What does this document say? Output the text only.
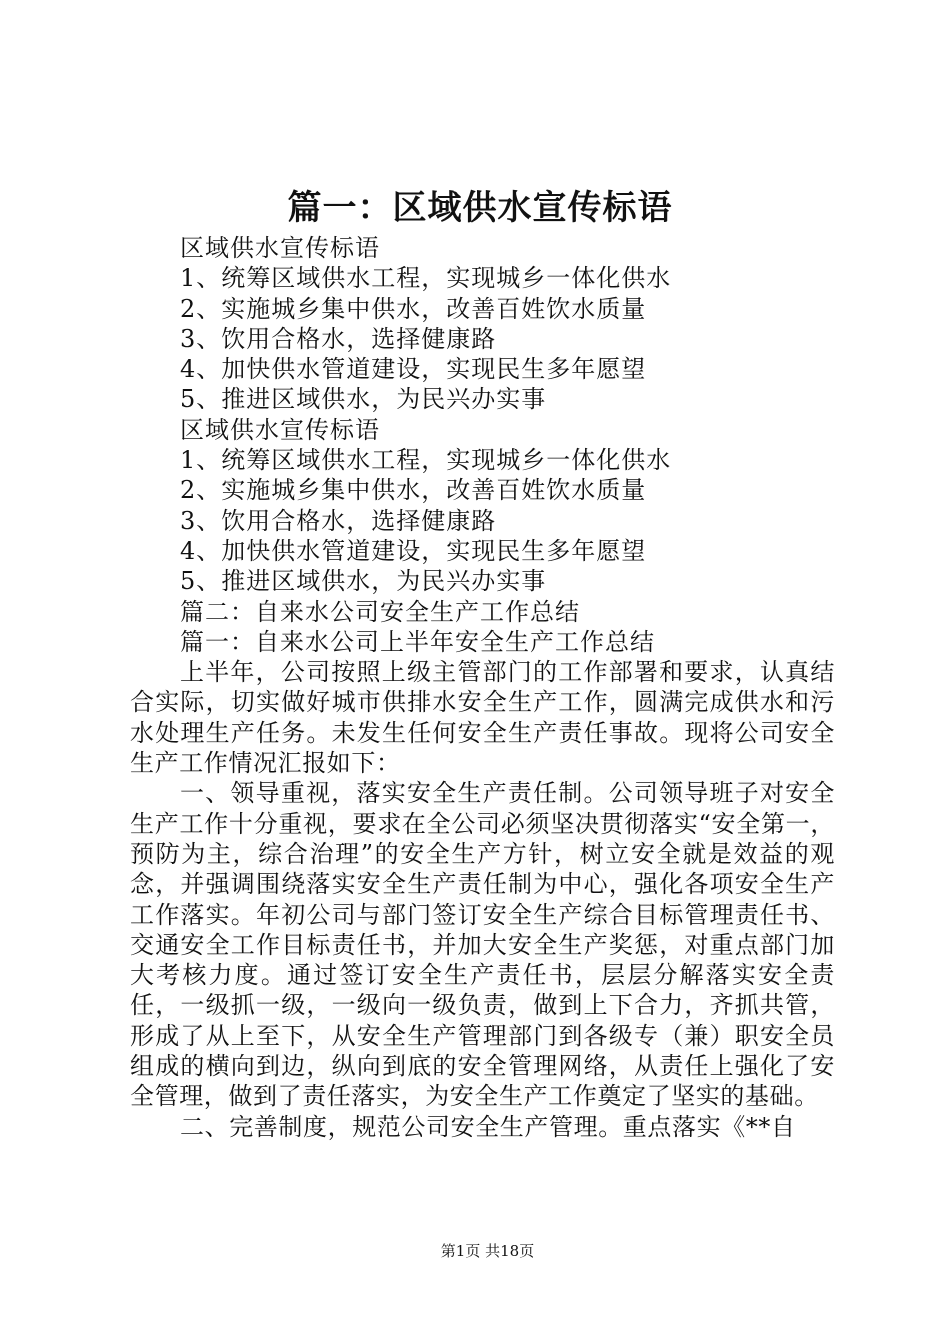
篇一：区域供水宣传标语
区域供水宣传标语
1、统筹区域供水工程，实现城乡一体化供水
2、实施城乡集中供水，改善百姓饮水质量
3、饮用合格水，选择健康路
4、加快供水管道建设，实现民生多年愿望
5、推进区域供水，为民兴办实事
区域供水宣传标语
1、统筹区域供水工程，实现城乡一体化供水
2、实施城乡集中供水，改善百姓饮水质量
3、饮用合格水，选择健康路
4、加快供水管道建设，实现民生多年愿望
5、推进区域供水，为民兴办实事
篇二：自来水公司安全生产工作总结
篇一：自来水公司上半年安全生产工作总结
上半年，公司按照上级主管部门的工作部署和要求，认真结合实际，切实做好城市供排水安全生产工作，圆满完成供水和污水处理生产任务。未发生任何安全生产责任事故。现将公司安全生产工作情况汇报如下：
一、领导重视，落实安全生产责任制。公司领导班子对安全生产工作十分重视，要求在全公司必须坚决贯彻落实“安全第一，预防为主，综合治理”的安全生产方针，树立安全就是效益的观念，并强调围绕落实安全生产责任制为中心，强化各项安全生产工作落实。年初公司与部门签订安全生产综合目标管理责任书、交通安全工作目标责任书，并加大安全生产奖惩，对重点部门加大考核力度。通过签订安全生产责任书，层层分解落实安全责任，一级抓一级，一级向一级负责，做到上下合力，齐抓共管，形成了从上至下，从安全生产管理部门到各级专（兼）职安全员组成的横向到边，纵向到底的安全管理网络，从责任上强化了安全管理，做到了责任落实，为安全生产工作奠定了坚实的基础。
二、完善制度，规范公司安全生产管理。重点落实《**自
第1页 共18页
